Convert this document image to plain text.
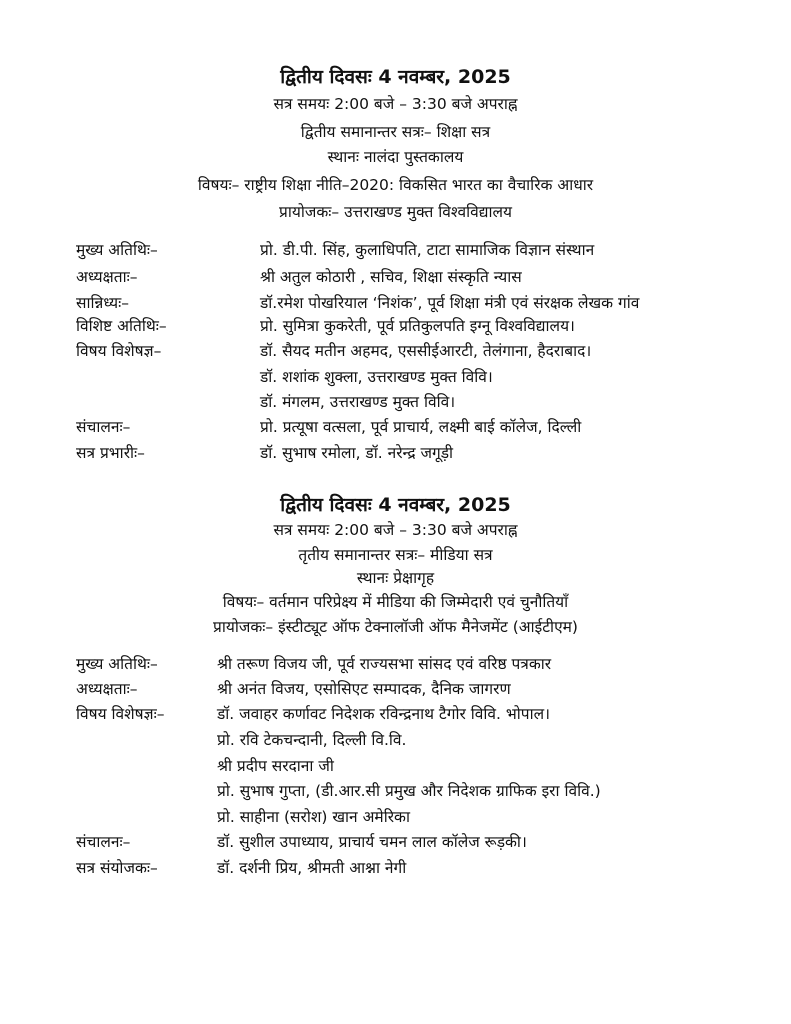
द्वितीय दिवसः 4 नवम्बर, 2025
सत्र समयः 2:00 बजे – 3:30 बजे अपराह्न
द्वितीय समानान्तर सत्रः– शिक्षा सत्र
स्थानः नालंदा पुस्तकालय
विषयः– राष्ट्रीय शिक्षा नीति–2020: विकसित भारत का वैचारिक आधार
प्रायोजकः– उत्तराखण्ड मुक्त विश्वविद्यालय
मुख्य अतिथिः–	प्रो. डी.पी. सिंह, कुलाधिपति, टाटा सामाजिक विज्ञान संस्थान
अध्यक्षताः–	श्री अतुल कोठारी , सचिव, शिक्षा संस्कृति न्यास
सान्निध्यः–	डॉ.रमेश पोखरियाल ‘निशंक’, पूर्व शिक्षा मंत्री एवं संरक्षक लेखक गांव
विशिष्ट अतिथिः–	प्रो. सुमित्रा कुकरेती, पूर्व प्रतिकुलपति इग्नू विश्वविद्यालय।
विषय विशेषज्ञ–	डॉ. सैयद मतीन अहमद, एससीईआरटी, तेलंगाना, हैदराबाद।
डॉ. शशांक शुक्ला, उत्तराखण्ड मुक्त विवि।
डॉ. मंगलम, उत्तराखण्ड मुक्त विवि।
संचालनः–	प्रो. प्रत्यूषा वत्सला, पूर्व प्राचार्य, लक्ष्मी बाई कॉलेज, दिल्ली
सत्र प्रभारीः–	डॉ. सुभाष रमोला, डॉ. नरेन्द्र जगूड़ी
द्वितीय दिवसः 4 नवम्बर, 2025
सत्र समयः 2:00 बजे – 3:30 बजे अपराह्न
तृतीय समानान्तर सत्रः– मीडिया सत्र
स्थानः प्रेक्षागृह
विषयः– वर्तमान परिप्रेक्ष्य में मीडिया की जिम्मेदारी एवं चुनौतियाँ
प्रायोजकः– इंस्टीट्यूट ऑफ टेक्नालॉजी ऑफ मैनेजमेंट (आईटीएम)
मुख्य अतिथिः–	श्री तरूण विजय जी, पूर्व राज्यसभा सांसद एवं वरिष्ठ पत्रकार
अध्यक्षताः–	श्री अनंत विजय, एसोसिएट सम्पादक, दैनिक जागरण
विषय विशेषज्ञः–	डॉ. जवाहर कर्णावट निदेशक रविन्द्रनाथ टैगोर विवि. भोपाल।
प्रो. रवि टेकचन्दानी, दिल्ली वि.वि.
श्री प्रदीप सरदाना जी
प्रो. सुभाष गुप्ता, (डी.आर.सी प्रमुख और निदेशक ग्राफिक इरा विवि.)
प्रो. साहीना (सरोश) खान अमेरिका
संचालनः–	डॉ. सुशील उपाध्याय, प्राचार्य चमन लाल कॉलेज रूड़की।
सत्र संयोजकः–	डॉ. दर्शनी प्रिय, श्रीमती आश्ना नेगी
